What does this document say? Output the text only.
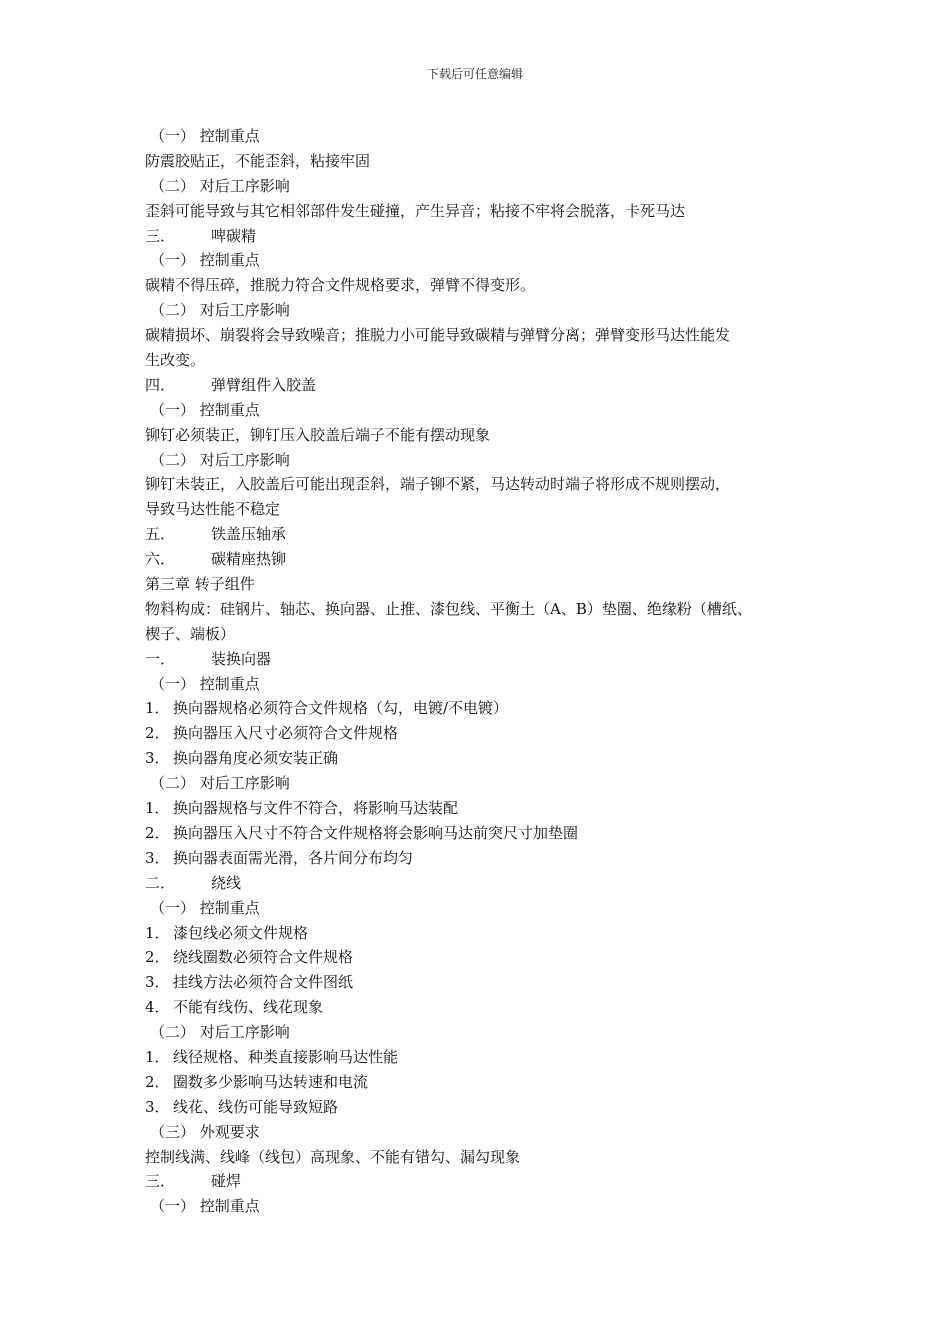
下载后可任意编辑
（一） 控制重点
防震胶贴正，不能歪斜，粘接牢固
（二） 对后工序影响
歪斜可能导致与其它相邻部件发生碰撞，产生异音；粘接不牢将会脱落，卡死马达
三． 啤碳精
（一） 控制重点
碳精不得压碎，推脱力符合文件规格要求，弹臂不得变形。
（二） 对后工序影响
碳精损坏、崩裂将会导致噪音；推脱力小可能导致碳精与弹臂分离；弹臂变形马达性能发
生改变。
四． 弹臂组件入胶盖
（一） 控制重点
铆钉必须装正，铆钉压入胶盖后端子不能有摆动现象
（二） 对后工序影响
铆钉未装正，入胶盖后可能出现歪斜，端子铆不紧，马达转动时端子将形成不规则摆动，
导致马达性能不稳定
五． 铁盖压轴承
六． 碳精座热铆
第三章 转子组件
物料构成：硅钢片、轴芯、换向器、止推、漆包线、平衡土（A、B）垫圈、绝缘粉（槽纸、
楔子、端板）
一． 装换向器
（一） 控制重点
1． 换向器规格必须符合文件规格（勾，电镀/不电镀）
2． 换向器压入尺寸必须符合文件规格
3． 换向器角度必须安装正确
（二） 对后工序影响
1． 换向器规格与文件不符合，将影响马达装配
2． 换向器压入尺寸不符合文件规格将会影响马达前突尺寸加垫圈
3． 换向器表面需光滑，各片间分布均匀
二． 绕线
（一） 控制重点
1． 漆包线必须文件规格
2． 绕线圈数必须符合文件规格
3． 挂线方法必须符合文件图纸
4． 不能有线伤、线花现象
（二） 对后工序影响
1． 线径规格、种类直接影响马达性能
2． 圈数多少影响马达转速和电流
3． 线花、线伤可能导致短路
（三） 外观要求
控制线满、线峰（线包）高现象、不能有错勾、漏勾现象
三． 碰焊
（一） 控制重点
